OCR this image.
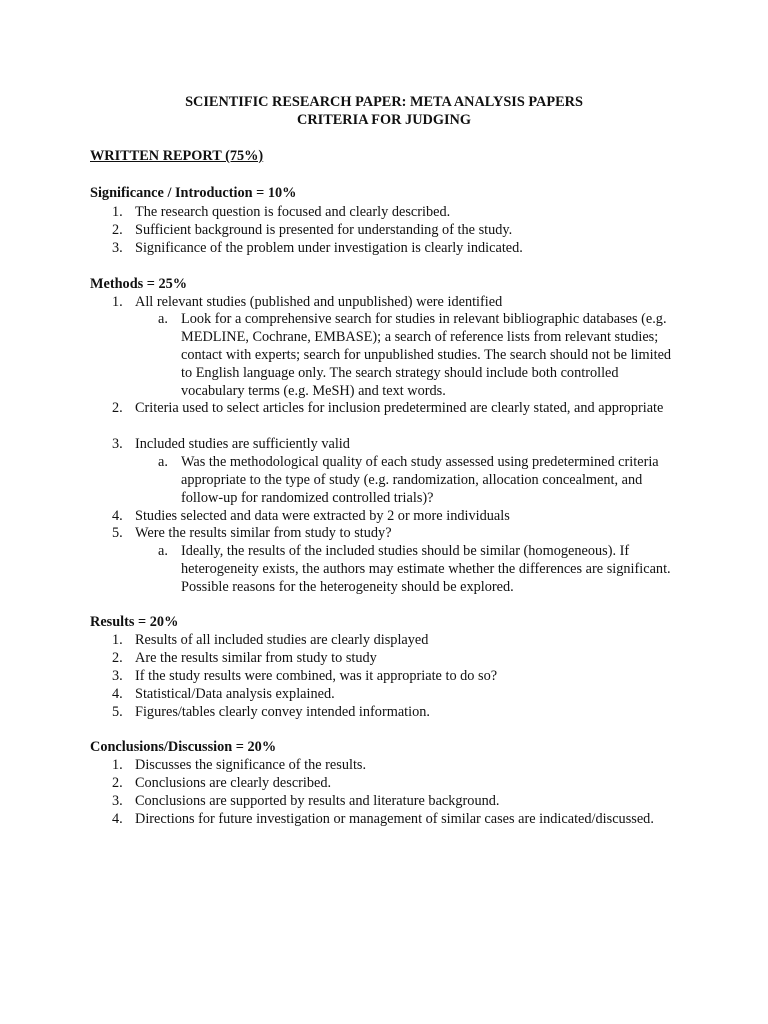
SCIENTIFIC RESEARCH PAPER: META ANALYSIS PAPERS
CRITERIA FOR JUDGING
WRITTEN REPORT (75%)
Significance / Introduction = 10%
1. The research question is focused and clearly described.
2. Sufficient background is presented for understanding of the study.
3. Significance of the problem under investigation is clearly indicated.
Methods = 25%
1. All relevant studies (published and unpublished) were identified
a. Look for a comprehensive search for studies in relevant bibliographic databases (e.g. MEDLINE, Cochrane, EMBASE); a search of reference lists from relevant studies; contact with experts; search for unpublished studies. The search should not be limited to English language only. The search strategy should include both controlled vocabulary terms (e.g. MeSH) and text words.
2. Criteria used to select articles for inclusion predetermined are clearly stated, and appropriate
3. Included studies are sufficiently valid
a. Was the methodological quality of each study assessed using predetermined criteria appropriate to the type of study (e.g. randomization, allocation concealment, and follow-up for randomized controlled trials)?
4. Studies selected and data were extracted by 2 or more individuals
5. Were the results similar from study to study?
a. Ideally, the results of the included studies should be similar (homogeneous). If heterogeneity exists, the authors may estimate whether the differences are significant. Possible reasons for the heterogeneity should be explored.
Results = 20%
1. Results of all included studies are clearly displayed
2. Are the results similar from study to study
3. If the study results were combined, was it appropriate to do so?
4. Statistical/Data analysis explained.
5. Figures/tables clearly convey intended information.
Conclusions/Discussion = 20%
1. Discusses the significance of the results.
2. Conclusions are clearly described.
3. Conclusions are supported by results and literature background.
4. Directions for future investigation or management of similar cases are indicated/discussed.
